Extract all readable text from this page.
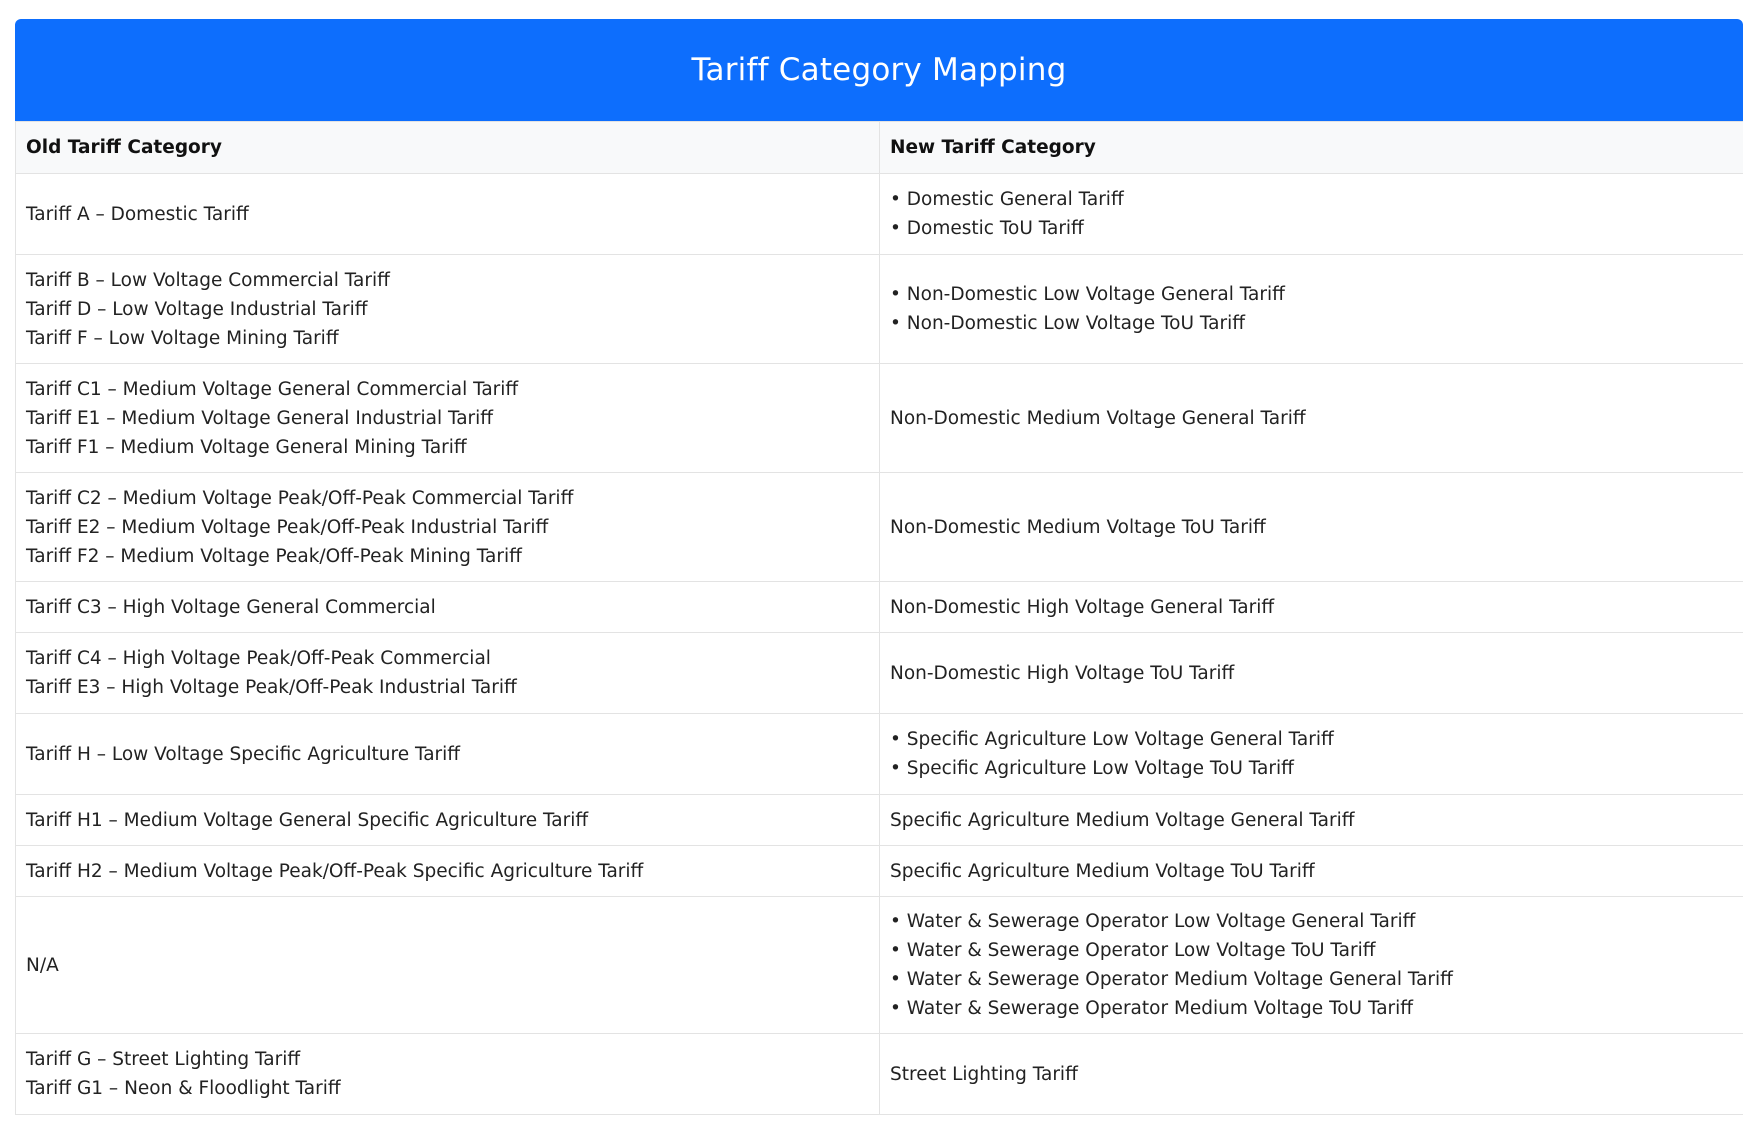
Tariff Category Mapping
Old Tariff Category	New Tariff Category

Tariff A – Domestic Tariff	• Domestic General Tariff
• Domestic ToU Tariff

Tariff B – Low Voltage Commercial Tariff
Tariff D – Low Voltage Industrial Tariff
Tariff F – Low Voltage Mining Tariff	• Non-Domestic Low Voltage General Tariff
• Non-Domestic Low Voltage ToU Tariff

Tariff C1 – Medium Voltage General Commercial Tariff
Tariff E1 – Medium Voltage General Industrial Tariff
Tariff F1 – Medium Voltage General Mining Tariff	Non-Domestic Medium Voltage General Tariff

Tariff C2 – Medium Voltage Peak/Off-Peak Commercial Tariff
Tariff E2 – Medium Voltage Peak/Off-Peak Industrial Tariff
Tariff F2 – Medium Voltage Peak/Off-Peak Mining Tariff	Non-Domestic Medium Voltage ToU Tariff

Tariff C3 – High Voltage General Commercial	Non-Domestic High Voltage General Tariff

Tariff C4 – High Voltage Peak/Off-Peak Commercial
Tariff E3 – High Voltage Peak/Off-Peak Industrial Tariff	Non-Domestic High Voltage ToU Tariff

Tariff H – Low Voltage Specific Agriculture Tariff	• Specific Agriculture Low Voltage General Tariff
• Specific Agriculture Low Voltage ToU Tariff

Tariff H1 – Medium Voltage General Specific Agriculture Tariff	Specific Agriculture Medium Voltage General Tariff

Tariff H2 – Medium Voltage Peak/Off-Peak Specific Agriculture Tariff	Specific Agriculture Medium Voltage ToU Tariff

N/A	• Water & Sewerage Operator Low Voltage General Tariff
• Water & Sewerage Operator Low Voltage ToU Tariff
• Water & Sewerage Operator Medium Voltage General Tariff
• Water & Sewerage Operator Medium Voltage ToU Tariff

Tariff G – Street Lighting Tariff
Tariff G1 – Neon & Floodlight Tariff	Street Lighting Tariff
